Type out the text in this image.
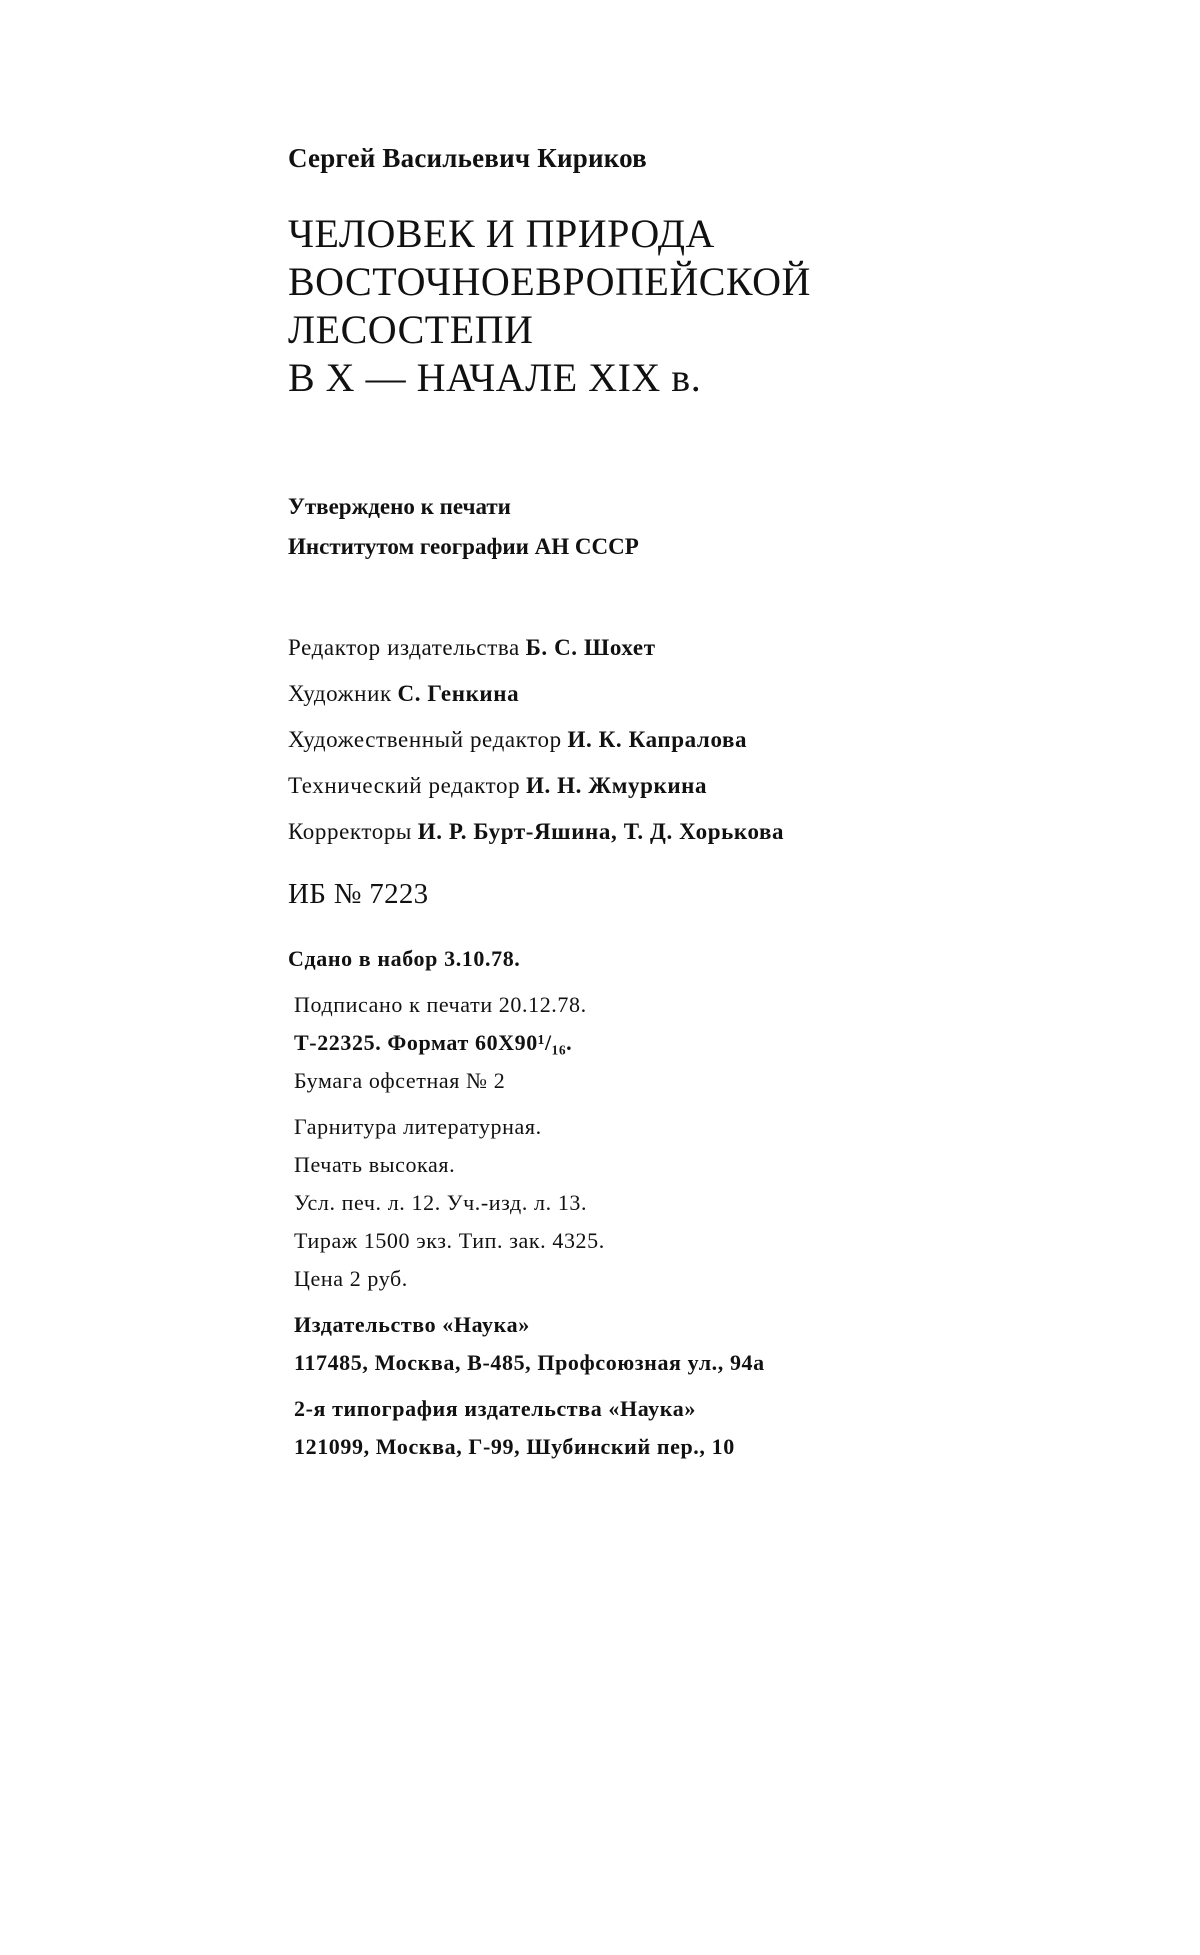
Сергей Васильевич Кириков
ЧЕЛОВЕК И ПРИРОДА
ВОСТОЧНОЕВРОПЕЙСКОЙ
ЛЕСОСТЕПИ
В X — НАЧАЛЕ XIX в.
Утверждено к печати
Институтом географии АН СССР
Редактор издательства Б. С. Шохет
Художник С. Генкина
Художественный редактор И. К. Капралова
Технический редактор И. Н. Жмуркина
Корректоры И. Р. Бурт-Яшина, Т. Д. Хорькова
ИБ № 7223
Сдано в набор 3.10.78.
Подписано к печати 20.12.78.
Т-22325. Формат 60X90¹/₁₆.
Бумага офсетная № 2
Гарнитура литературная.
Печать высокая.
Усл. печ. л. 12. Уч.-изд. л. 13.
Тираж 1500 экз. Тип. зак. 4325.
Цена 2 руб.
Издательство «Наука»
117485, Москва, В-485, Профсоюзная ул., 94а
2-я типография издательства «Наука»
121099, Москва, Г-99, Шубинский пер., 10
